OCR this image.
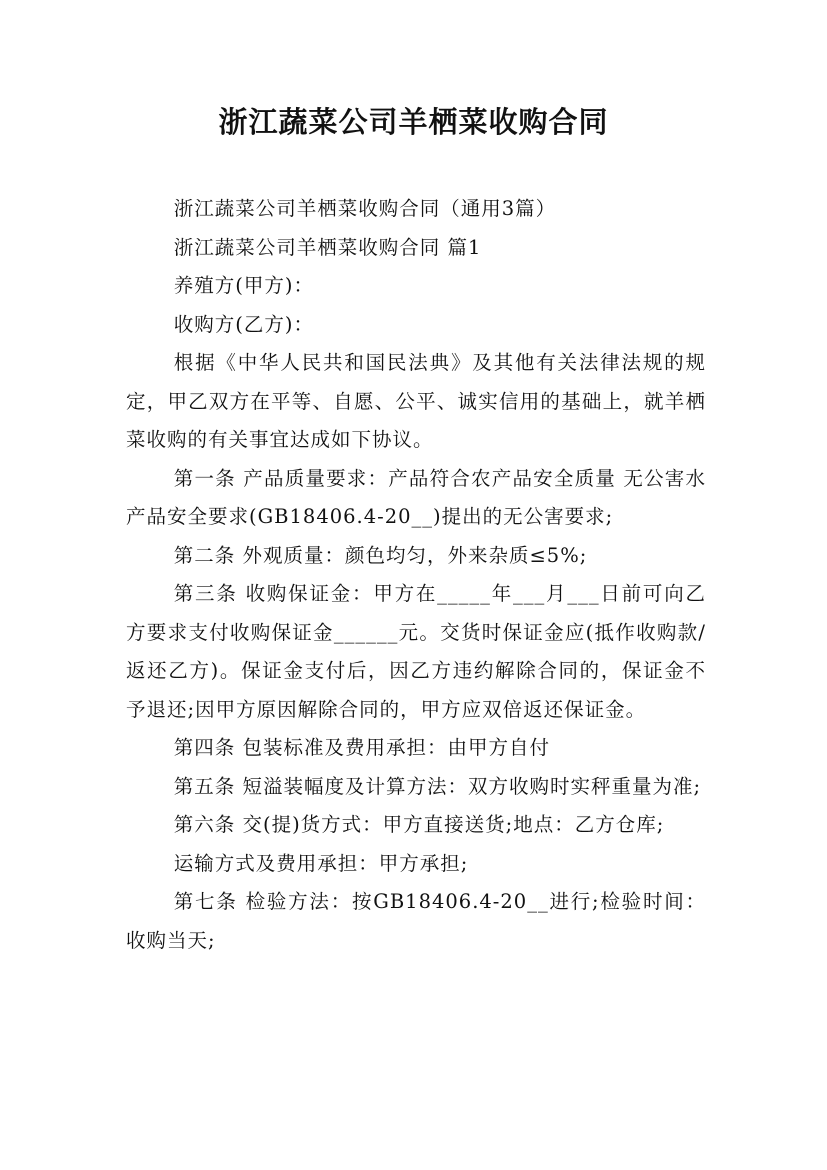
浙江蔬菜公司羊栖菜收购合同

浙江蔬菜公司羊栖菜收购合同（通用3篇）

浙江蔬菜公司羊栖菜收购合同 篇1

养殖方(甲方)：

收购方(乙方)：

根据《中华人民共和国民法典》及其他有关法律法规的规定，甲乙双方在平等、自愿、公平、诚实信用的基础上，就羊栖菜收购的有关事宜达成如下协议。

第一条 产品质量要求：产品符合农产品安全质量 无公害水产品安全要求(GB18406.4-20__)提出的无公害要求;

第二条 外观质量：颜色均匀，外来杂质≤5%;

第三条 收购保证金：甲方在_____年___月___日前可向乙方要求支付收购保证金______元。交货时保证金应(抵作收购款/返还乙方)。保证金支付后，因乙方违约解除合同的，保证金不予退还;因甲方原因解除合同的，甲方应双倍返还保证金。

第四条 包装标准及费用承担：由甲方自付

第五条 短溢装幅度及计算方法：双方收购时实秤重量为准;

第六条 交(提)货方式：甲方直接送货;地点：乙方仓库;

运输方式及费用承担：甲方承担;

第七条 检验方法：按GB18406.4-20__进行;检验时间：收购当天;
